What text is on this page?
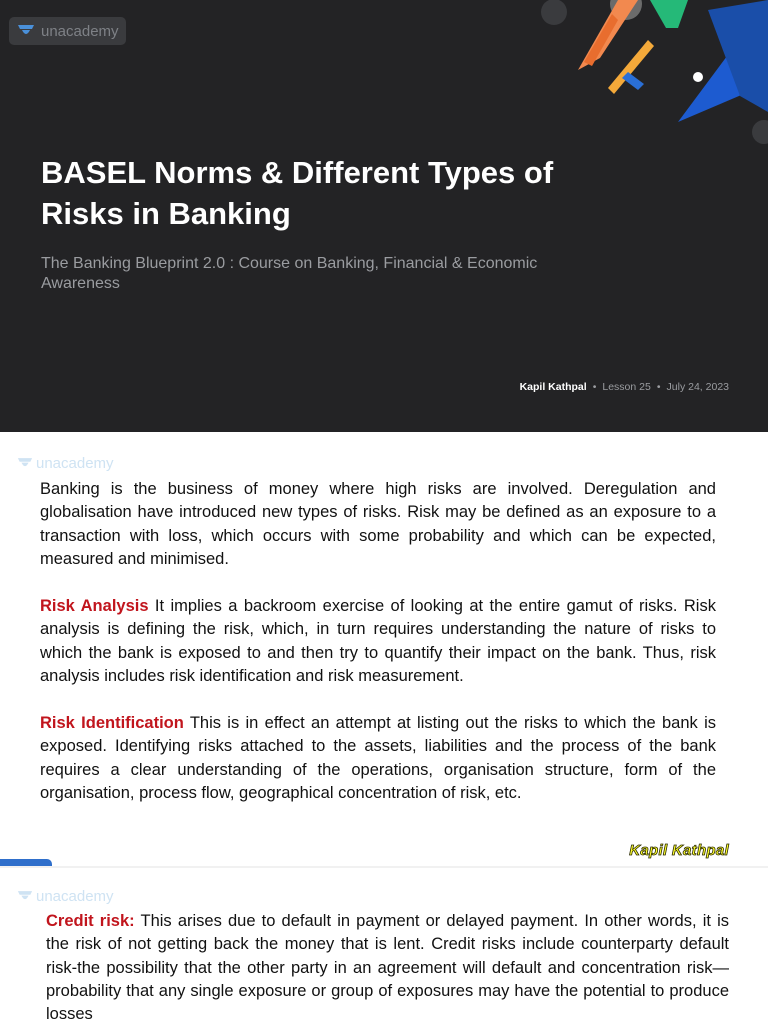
unacademy
BASEL Norms & Different Types of Risks in Banking
The Banking Blueprint 2.0 : Course on Banking, Financial & Economic Awareness
Kapil Kathpal • Lesson 25 • July 24, 2023
unacademy

Banking is the business of money where high risks are involved. Deregulation and globalisation have introduced new types of risks. Risk may be defined as an exposure to a transaction with loss, which occurs with some probability and which can be expected, measured and minimised.

Risk Analysis It implies a backroom exercise of looking at the entire gamut of risks. Risk analysis is defining the risk, which, in turn requires understanding the nature of risks to which the bank is exposed to and then try to quantify their impact on the bank. Thus, risk analysis includes risk identification and risk measurement.

Risk Identification This is in effect an attempt at listing out the risks to which the bank is exposed. Identifying risks attached to the assets, liabilities and the process of the bank requires a clear understanding of the operations, organisation structure, form of the organisation, process flow, geographical concentration of risk, etc.

Kapil Kathpal
unacademy

Credit risk: This arises due to default in payment or delayed payment. In other words, it is the risk of not getting back the money that is lent. Credit risks include counterparty default risk-the possibility that the other party in an agreement will default and concentration risk—probability that any single exposure or group of exposures may have the potential to produce losses
